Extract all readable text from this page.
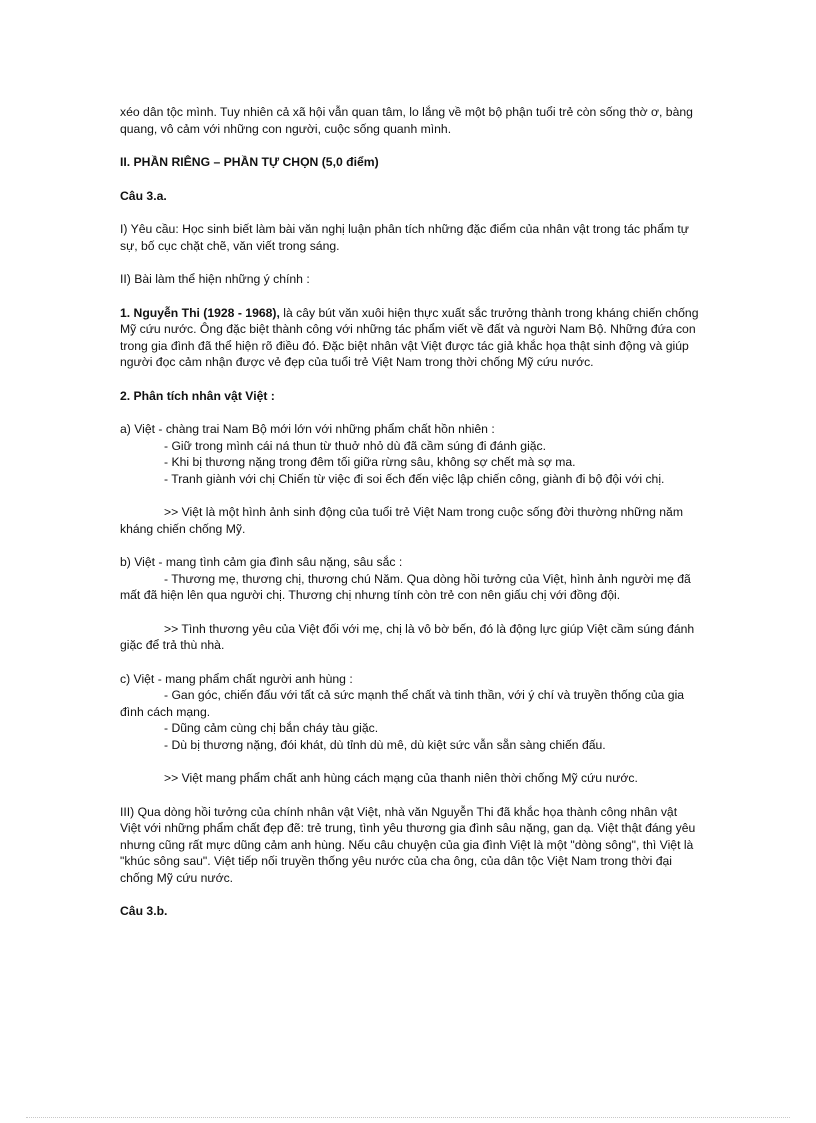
xéo dân tộc mình. Tuy nhiên cả xã hội vẫn quan tâm, lo lắng về một bộ phận tuổi trẻ còn sống thờ ơ, bàng quang, vô cảm với những con người, cuộc sống quanh mình.

II. PHẦN RIÊNG – PHẦN TỰ CHỌN (5,0 điểm)

Câu 3.a.

I) Yêu cầu: Học sinh biết làm bài văn nghị luận phân tích những đặc điểm của nhân vật trong tác phẩm tự sự, bố cục chặt chẽ, văn viết trong sáng.

II) Bài làm thể hiện những ý chính :

1. Nguyễn Thi (1928 - 1968), là cây bút văn xuôi hiện thực xuất sắc trưởng thành trong kháng chiến chống Mỹ cứu nước. Ông đặc biệt thành công với những tác phẩm viết về đất và người Nam Bộ. Những đứa con trong gia đình đã thể hiện rõ điều đó. Đặc biệt nhân vật Việt được tác giả khắc họa thật sinh động và giúp người đọc cảm nhận được vẻ đẹp của tuổi trẻ Việt Nam trong thời chống Mỹ cứu nước.

2. Phân tích nhân vật Việt :

a) Việt - chàng trai Nam Bộ mới lớn với những phẩm chất hồn nhiên :

- Giữ trong mình cái ná thun từ thuở nhỏ dù đã cầm súng đi đánh giặc.

- Khi bị thương nặng trong đêm tối giữa rừng sâu, không sợ chết mà sợ ma.

- Tranh giành với chị Chiến từ việc đi soi ếch đến việc lập chiến công, giành đi bộ đội với chị.

>> Việt là một hình ảnh sinh động của tuổi trẻ Việt Nam trong cuộc sống đời thường những năm kháng chiến chống Mỹ.

b) Việt - mang tình cảm gia đình sâu nặng, sâu sắc :

- Thương mẹ, thương chị, thương chú Năm. Qua dòng hồi tưởng của Việt, hình ảnh người mẹ đã mất đã hiện lên qua người chị. Thương chị nhưng tính còn trẻ con nên giấu chị với đồng đội.

>> Tình thương yêu của Việt đối với mẹ, chị là vô bờ bến, đó là động lực giúp Việt cầm súng đánh giặc để trả thù nhà.

c) Việt - mang phẩm chất người anh hùng :

- Gan góc, chiến đấu với tất cả sức mạnh thể chất và tinh thần, với ý chí và truyền thống của gia đình cách mạng.

- Dũng cảm cùng chị bắn cháy tàu giặc.

- Dù bị thương nặng, đói khát, dù tỉnh dù mê, dù kiệt sức vẫn sẵn sàng chiến đấu.

>> Việt mang phẩm chất anh hùng cách mạng của thanh niên thời chống Mỹ cứu nước.

III) Qua dòng hồi tưởng của chính nhân vật Việt, nhà văn Nguyễn Thi đã khắc họa thành công nhân vật Việt với những phẩm chất đẹp đẽ: trẻ trung, tình yêu thương gia đình sâu nặng, gan dạ. Việt thật đáng yêu nhưng cũng rất mực dũng cảm anh hùng. Nếu câu chuyện của gia đình Việt là một "dòng sông", thì Việt là "khúc sông sau". Việt tiếp nối truyền thống yêu nước của cha ông, của dân tộc Việt Nam trong thời đại chống Mỹ cứu nước.

Câu 3.b.
